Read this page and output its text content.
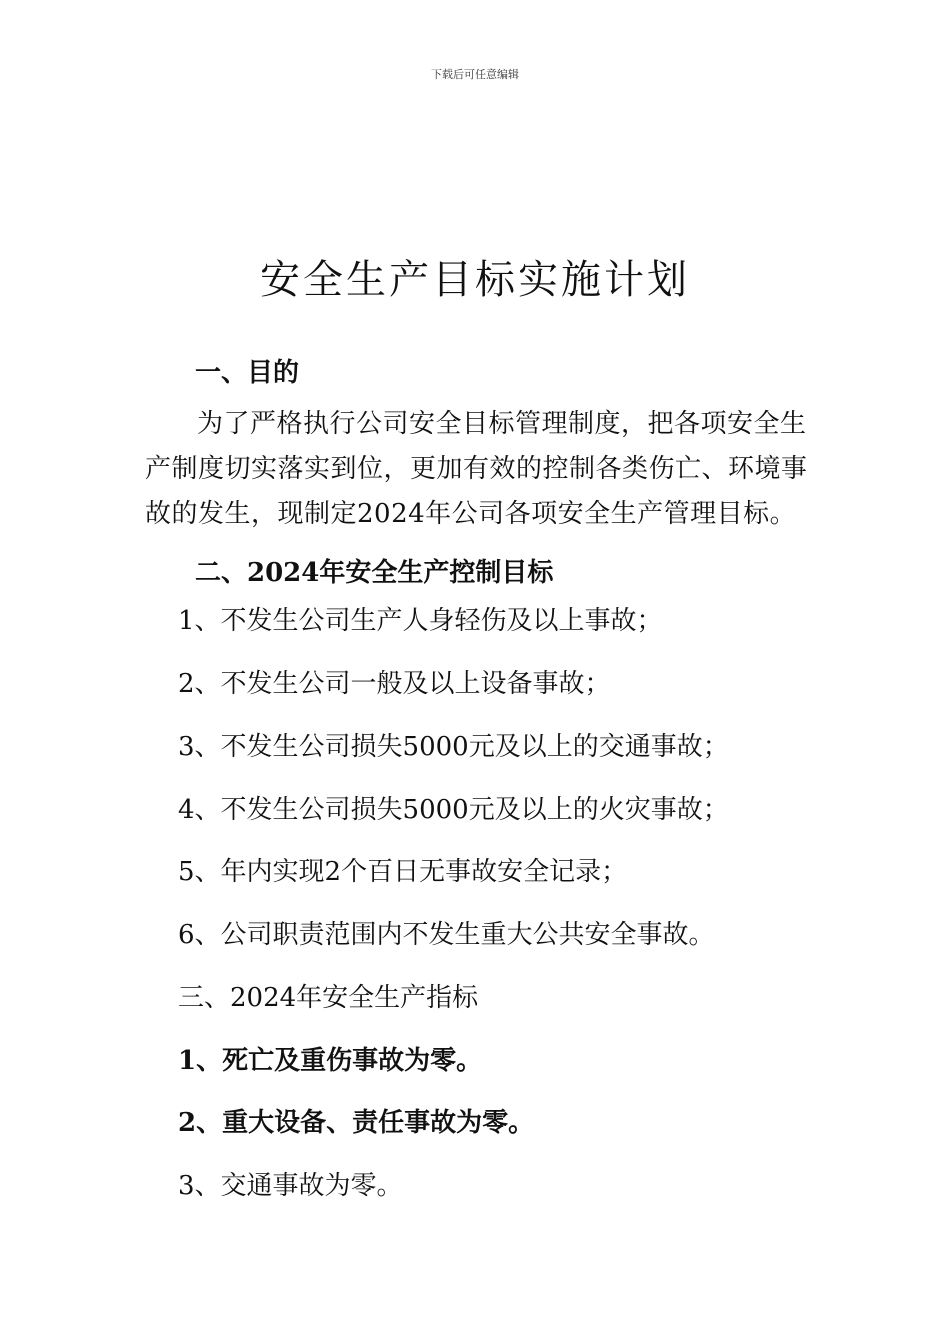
下载后可任意编辑
安全生产目标实施计划
一、目的

为了严格执行公司安全目标管理制度，把各项安全生产制度切实落实到位，更加有效的控制各类伤亡、环境事故的发生，现制定2024年公司各项安全生产管理目标。

二、2024年安全生产控制目标
1、不发生公司生产人身轻伤及以上事故；
2、不发生公司一般及以上设备事故；
3、不发生公司损失5000元及以上的交通事故；
4、不发生公司损失5000元及以上的火灾事故；
5、年内实现2个百日无事故安全记录；
6、公司职责范围内不发生重大公共安全事故。
三、2024年安全生产指标
1、死亡及重伤事故为零。
2、重大设备、责任事故为零。
3、交通事故为零。
